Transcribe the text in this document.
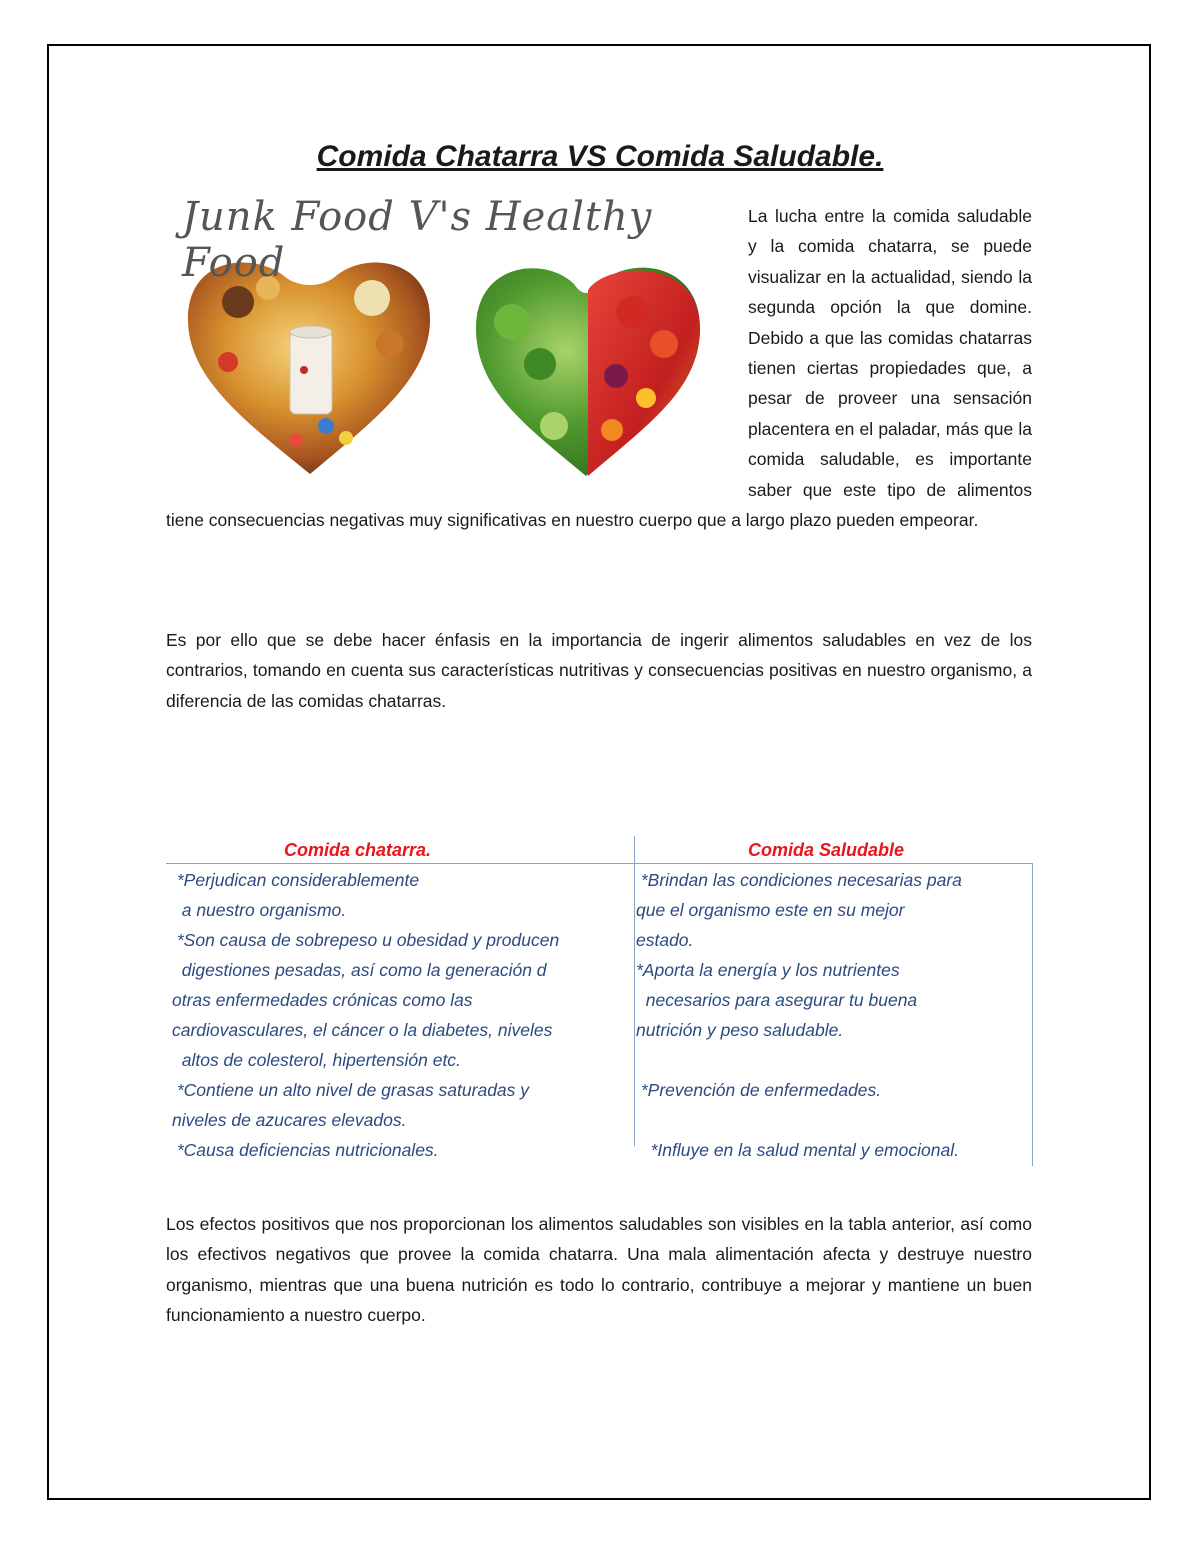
Comida Chatarra VS Comida Saludable.
Junk Food V's Healthy Food

La lucha entre la comida saludable y la comida chatarra, se puede visualizar en la actualidad, siendo la segunda opción la que domine. Debido a que las comidas chatarras tienen ciertas propiedades que, a pesar de proveer una sensación placentera en el paladar, más que la comida saludable, es importante saber que este tipo de alimentos tiene consecuencias negativas muy significativas en nuestro cuerpo que a largo plazo pueden empeorar.

Es por ello que se debe hacer énfasis en la importancia de ingerir alimentos saludables en vez de los contrarios, tomando en cuenta sus características nutritivas y consecuencias positivas en nuestro organismo, a diferencia de las comidas chatarras.

Comida chatarra.	Comida Saludable
*Perjudican considerablemente
a nuestro organismo.
*Son causa de sobrepeso u obesidad y producen
digestiones pesadas, así como la generación d
otras enfermedades crónicas como las
cardiovasculares, el cáncer o la diabetes, niveles
altos de colesterol, hipertensión etc.
*Contiene un alto nivel de grasas saturadas y
niveles de azucares elevados.
*Causa deficiencias nutricionales.
*Brindan las condiciones necesarias para
que el organismo este en su mejor
estado.
*Aporta la energía y los nutrientes
necesarios para asegurar tu buena
nutrición y peso saludable.
*Prevención de enfermedades.
*Influye en la salud mental y emocional.

Los efectos positivos que nos proporcionan los alimentos saludables son visibles en la tabla anterior, así como los efectivos negativos que provee la comida chatarra. Una mala alimentación afecta y destruye nuestro organismo, mientras que una buena nutrición es todo lo contrario, contribuye a mejorar y mantiene un buen funcionamiento a nuestro cuerpo.
